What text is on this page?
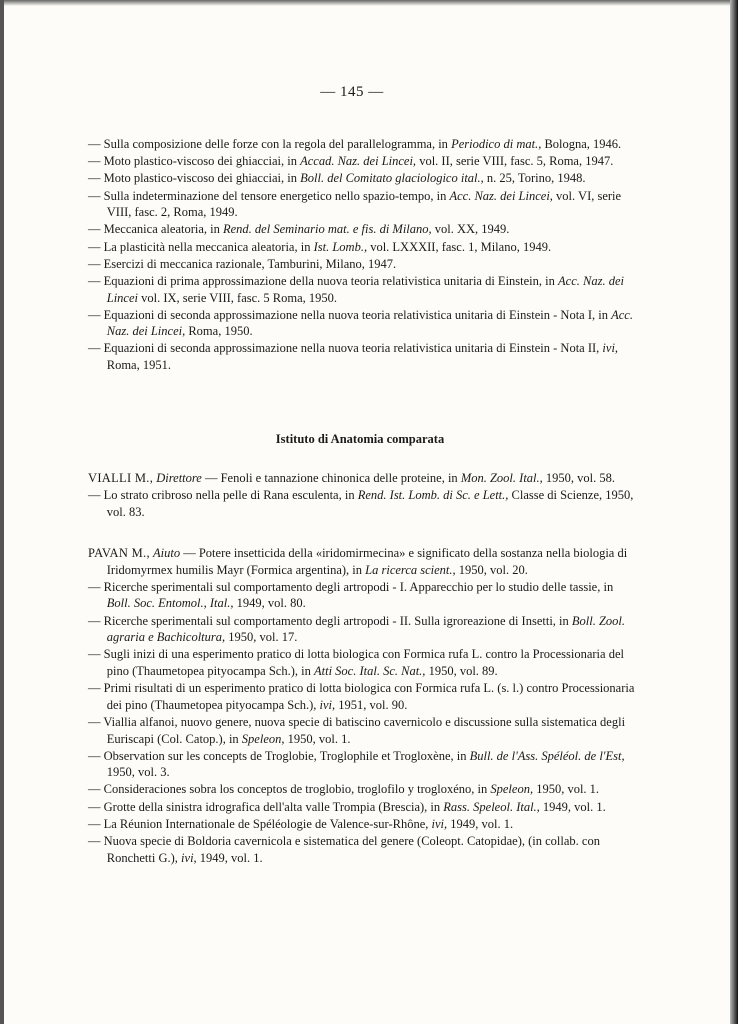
— 145 —

— Sulla composizione delle forze con la regola del parallelogramma, in Periodico di mat., Bologna, 1946.

— Moto plastico-viscoso dei ghiacciai, in Accad. Naz. dei Lincei, vol. II, serie VIII, fasc. 5, Roma, 1947.

— Moto plastico-viscoso dei ghiacciai, in Boll. del Comitato glaciologico ital., n. 25, Torino, 1948.

— Sulla indeterminazione del tensore energetico nello spazio-tempo, in Acc. Naz. dei Lincei, vol. VI, serie VIII, fasc. 2, Roma, 1949.

— Meccanica aleatoria, in Rend. del Seminario mat. e fis. di Milano, vol. XX, 1949.

— La plasticità nella meccanica aleatoria, in Ist. Lomb., vol. LXXXII, fasc. 1, Milano, 1949.

— Esercizi di meccanica razionale, Tamburini, Milano, 1947.

— Equazioni di prima approssimazione della nuova teoria relativistica unitaria di Einstein, in Acc. Naz. dei Lincei vol. IX, serie VIII, fasc. 5 Roma, 1950.

— Equazioni di seconda approssimazione nella nuova teoria relativistica unitaria di Einstein - Nota I, in Acc. Naz. dei Lincei, Roma, 1950.

— Equazioni di seconda approssimazione nella nuova teoria relativistica unitaria di Einstein - Nota II, ivi, Roma, 1951.

Istituto di Anatomia comparata

VIALLI M., Direttore — Fenoli e tannazione chinonica delle proteine, in Mon. Zool. Ital., 1950, vol. 58.

— Lo strato cribroso nella pelle di Rana esculenta, in Rend. Ist. Lomb. di Sc. e Lett., Classe di Scienze, 1950, vol. 83.

PAVAN M., Aiuto — Potere insetticida della «iridomirmecina» e significato della sostanza nella biologia di Iridomyrmex humilis Mayr (Formica argentina), in La ricerca scient., 1950, vol. 20.

— Ricerche sperimentali sul comportamento degli artropodi - I. Apparecchio per lo studio delle tassie, in Boll. Soc. Entomol., Ital., 1949, vol. 80.

— Ricerche sperimentali sul comportamento degli artropodi - II. Sulla igroreazione di Insetti, in Boll. Zool. agraria e Bachicoltura, 1950, vol. 17.

— Sugli inizi di una esperimento pratico di lotta biologica con Formica rufa L. contro la Processionaria del pino (Thaumetopea pityocampa Sch.), in Atti Soc. Ital. Sc. Nat., 1950, vol. 89.

— Primi risultati di un esperimento pratico di lotta biologica con Formica rufa L. (s. l.) contro Processionaria dei pino (Thaumetopea pityocampa Sch.), ivi, 1951, vol. 90.

— Viallia alfanoi, nuovo genere, nuova specie di batiscino cavernicolo e discussione sulla sistematica degli Euriscapi (Col. Catop.), in Speleon, 1950, vol. 1.

— Observation sur les concepts de Troglobie, Troglophile et Trogloxène, in Bull. de l'Ass. Spéléol. de l'Est, 1950, vol. 3.

— Consideraciones sobra los conceptos de troglobio, troglofilo y trogloxéno, in Speleon, 1950, vol. 1.

— Grotte della sinistra idrografica dell'alta valle Trompia (Brescia), in Rass. Speleol. Ital., 1949, vol. 1.

— La Réunion Internationale de Spéléologie de Valence-sur-Rhône, ivi, 1949, vol. 1.

— Nuova specie di Boldoria cavernicola e sistematica del genere (Coleopt. Catopidae), (in collab. con Ronchetti G.), ivi, 1949, vol. 1.
